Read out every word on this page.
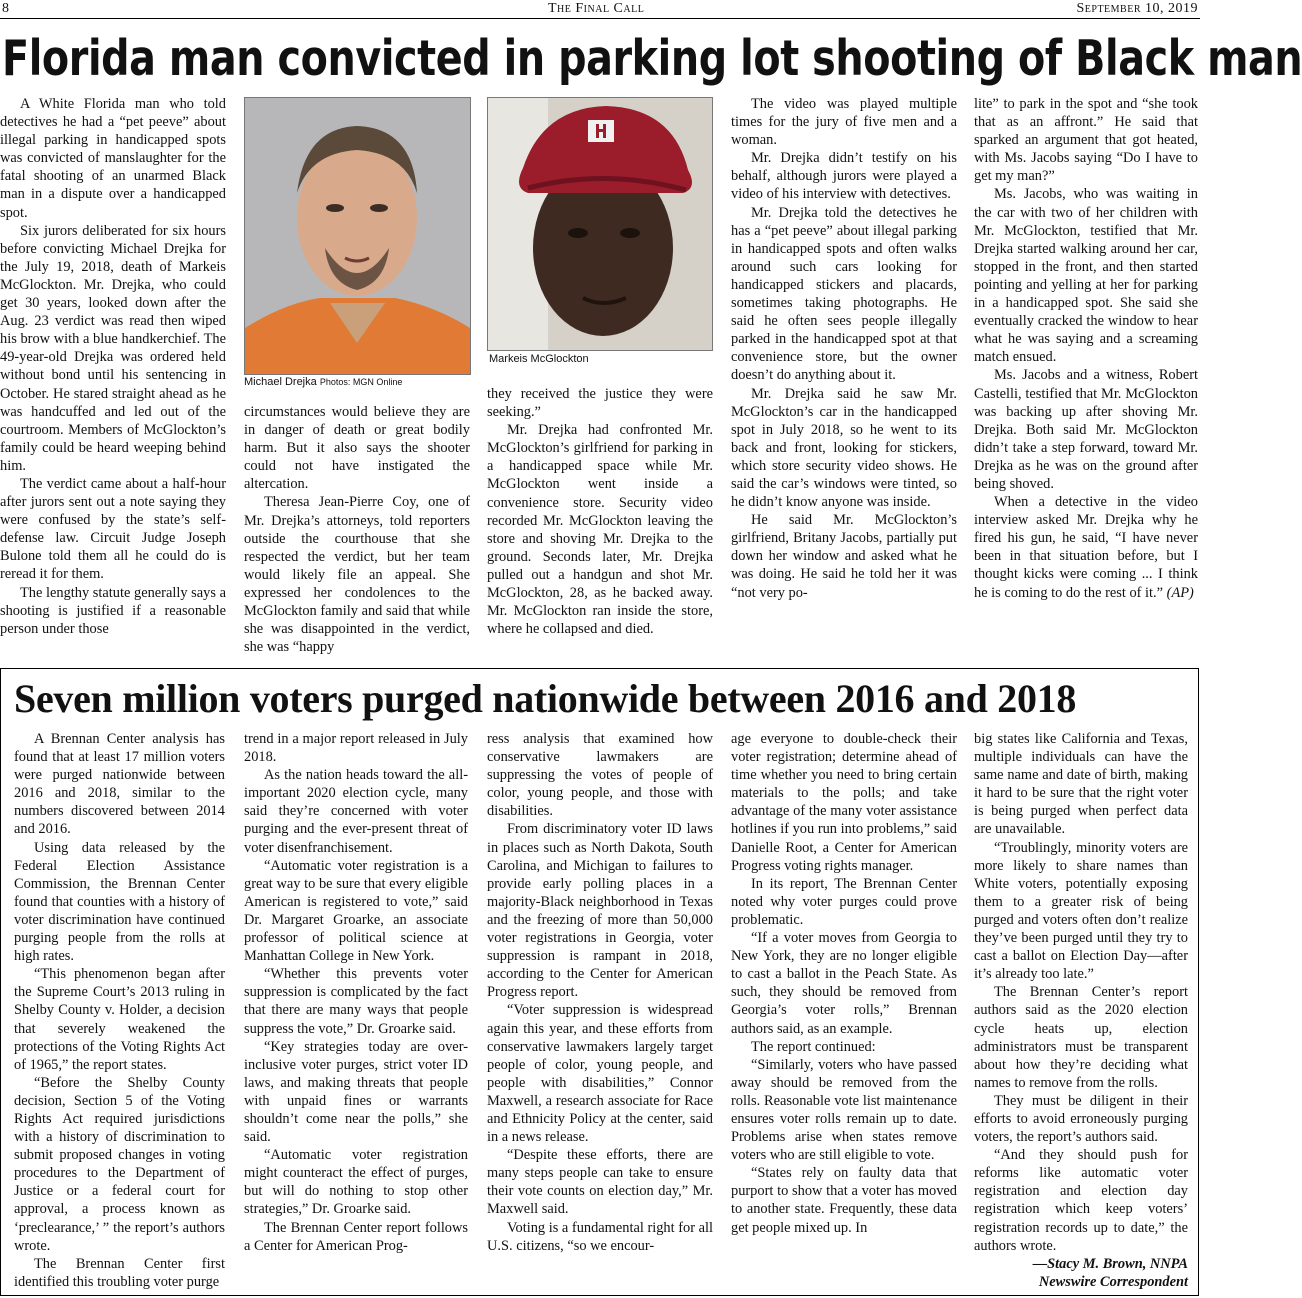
8	The Final Call	September 10, 2019
Florida man convicted in parking lot shooting of Black man

A White Florida man who told detectives he had a “pet peeve” about illegal parking in handicapped spots was convicted of manslaughter for the fatal shooting of an unarmed Black man in a dispute over a handicapped spot.

Six jurors deliberated for six hours before convicting Michael Drejka for the July 19, 2018, death of Markeis McGlockton. Mr. Drejka, who could get 30 years, looked down after the Aug. 23 verdict was read then wiped his brow with a blue handkerchief. The 49-year-old Drejka was ordered held without bond until his sentencing in October. He stared straight ahead as he was handcuffed and led out of the courtroom. Members of McGlockton’s family could be heard weeping behind him.

The verdict came about a half-hour after jurors sent out a note saying they were confused by the state’s self-defense law. Circuit Judge Joseph Bulone told them all he could do is reread it for them.

The lengthy statute generally says a shooting is justified if a reasonable person under those

Michael Drejka Photos: MGN Online
Markeis McGlockton

circumstances would believe they are in danger of death or great bodily harm. But it also says the shooter could not have instigated the altercation.

Theresa Jean-Pierre Coy, one of Mr. Drejka’s attorneys, told reporters outside the courthouse that she respected the verdict, but her team would likely file an appeal. She expressed her condolences to the McGlockton family and said that while she was disappointed in the verdict, she was “happy

they received the justice they were seeking.”

Mr. Drejka had confronted Mr. McGlockton’s girlfriend for parking in a handicapped space while Mr. McGlockton went inside a convenience store. Security video recorded Mr. McGlockton leaving the store and shoving Mr. Drejka to the ground. Seconds later, Mr. Drejka pulled out a handgun and shot Mr. McGlockton, 28, as he backed away. Mr. McGlockton ran inside the store, where he collapsed and died.

The video was played multiple times for the jury of five men and a woman.

Mr. Drejka didn’t testify on his behalf, although jurors were played a video of his interview with detectives.

Mr. Drejka told the detectives he has a “pet peeve” about illegal parking in handicapped spots and often walks around such cars looking for handicapped stickers and placards, sometimes taking photographs. He said he often sees people illegally parked in the handicapped spot at that convenience store, but the owner doesn’t do anything about it.

Mr. Drejka said he saw Mr. McGlockton’s car in the handicapped spot in July 2018, so he went to its back and front, looking for stickers, which store security video shows. He said the car’s windows were tinted, so he didn’t know anyone was inside.

He said Mr. McGlockton’s girlfriend, Britany Jacobs, partially put down her window and asked what he was doing. He said he told her it was “not very po-

lite” to park in the spot and “she took that as an affront.” He said that sparked an argument that got heated, with Ms. Jacobs saying “Do I have to get my man?”

Ms. Jacobs, who was waiting in the car with two of her children with Mr. McGlockton, testified that Mr. Drejka started walking around her car, stopped in the front, and then started pointing and yelling at her for parking in a handicapped spot. She said she eventually cracked the window to hear what he was saying and a screaming match ensued.

Ms. Jacobs and a witness, Robert Castelli, testified that Mr. McGlockton was backing up after shoving Mr. Drejka. Both said Mr. McGlockton didn’t take a step forward, toward Mr. Drejka as he was on the ground after being shoved.

When a detective in the video interview asked Mr. Drejka why he fired his gun, he said, “I have never been in that situation before, but I thought kicks were coming ... I think he is coming to do the rest of it.” (AP)

Seven million voters purged nationwide between 2016 and 2018

A Brennan Center analysis has found that at least 17 million voters were purged nationwide between 2016 and 2018, similar to the numbers discovered between 2014 and 2016.

Using data released by the Federal Election Assistance Commission, the Brennan Center found that counties with a history of voter discrimination have continued purging people from the rolls at high rates.

“This phenomenon began after the Supreme Court’s 2013 ruling in Shelby County v. Holder, a decision that severely weakened the protections of the Voting Rights Act of 1965,” the report states.

“Before the Shelby County decision, Section 5 of the Voting Rights Act required jurisdictions with a history of discrimination to submit proposed changes in voting procedures to the Department of Justice or a federal court for approval, a process known as ‘preclearance,’ ” the report’s authors wrote.

The Brennan Center first identified this troubling voter purge

trend in a major report released in July 2018.

As the nation heads toward the all-important 2020 election cycle, many said they’re concerned with voter purging and the ever-present threat of voter disenfranchisement.

“Automatic voter registration is a great way to be sure that every eligible American is registered to vote,” said Dr. Margaret Groarke, an associate professor of political science at Manhattan College in New York.

“Whether this prevents voter suppression is complicated by the fact that there are many ways that people suppress the vote,” Dr. Groarke said.

“Key strategies today are over-inclusive voter purges, strict voter ID laws, and making threats that people with unpaid fines or warrants shouldn’t come near the polls,” she said.

“Automatic voter registration might counteract the effect of purges, but will do nothing to stop other strategies,” Dr. Groarke said.

The Brennan Center report follows a Center for American Prog-

ress analysis that examined how conservative lawmakers are suppressing the votes of people of color, young people, and those with disabilities.

From discriminatory voter ID laws in places such as North Dakota, South Carolina, and Michigan to failures to provide early polling places in a majority-Black neighborhood in Texas and the freezing of more than 50,000 voter registrations in Georgia, voter suppression is rampant in 2018, according to the Center for American Progress report.

“Voter suppression is widespread again this year, and these efforts from conservative lawmakers largely target people of color, young people, and people with disabilities,” Connor Maxwell, a research associate for Race and Ethnicity Policy at the center, said in a news release.

“Despite these efforts, there are many steps people can take to ensure their vote counts on election day,” Mr. Maxwell said.

Voting is a fundamental right for all U.S. citizens, “so we encour-

age everyone to double-check their voter registration; determine ahead of time whether you need to bring certain materials to the polls; and take advantage of the many voter assistance hotlines if you run into problems,” said Danielle Root, a Center for American Progress voting rights manager.

In its report, The Brennan Center noted why voter purges could prove problematic.

“If a voter moves from Georgia to New York, they are no longer eligible to cast a ballot in the Peach State. As such, they should be removed from Georgia’s voter rolls,” Brennan authors said, as an example.

The report continued:

“Similarly, voters who have passed away should be removed from the rolls. Reasonable vote list maintenance ensures voter rolls remain up to date. Problems arise when states remove voters who are still eligible to vote.

“States rely on faulty data that purport to show that a voter has moved to another state. Frequently, these data get people mixed up. In

big states like California and Texas, multiple individuals can have the same name and date of birth, making it hard to be sure that the right voter is being purged when perfect data are unavailable.

“Troublingly, minority voters are more likely to share names than White voters, potentially exposing them to a greater risk of being purged and voters often don’t realize they’ve been purged until they try to cast a ballot on Election Day—after it’s already too late.”

The Brennan Center’s report authors said as the 2020 election cycle heats up, election administrators must be transparent about how they’re deciding what names to remove from the rolls.

They must be diligent in their efforts to avoid erroneously purging voters, the report’s authors said.

“And they should push for reforms like automatic voter registration and election day registration which keep voters’ registration records up to date,” the authors wrote.

—Stacy M. Brown, NNPA Newswire Correspondent
